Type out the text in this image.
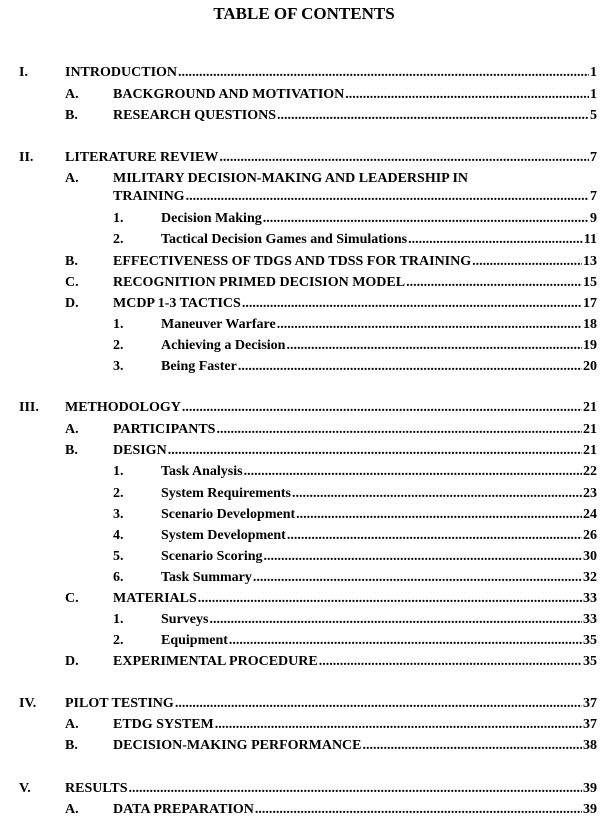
TABLE OF CONTENTS
I.	INTRODUCTION .....	1
A. BACKGROUND AND MOTIVATION .....	1
B.	RESEARCH QUESTIONS .....	5
II. LITERATURE REVIEW .....	7
A. MILITARY DECISION-MAKING AND LEADERSHIP IN
TRAINING .....	7
1.	Decision Making .....	9
2.	Tactical Decision Games and Simulations .....	11
B.	EFFECTIVENESS OF TDGS AND TDSS FOR TRAINING .....	13
C. RECOGNITION PRIMED DECISION MODEL .....	15
D. MCDP 1-3 TACTICS .....	17
1.	Maneuver Warfare .....	18
2.	Achieving a Decision .....	19
3.	Being Faster .....	20
III. METHODOLOGY .....	21
A. PARTICIPANTS .....	21
B.	DESIGN .....	21
1.	Task Analysis .....	22
2.	System Requirements .....	23
3.	Scenario Development .....	24
4.	System Development .....	26
5.	Scenario Scoring .....	30
6.	Task Summary .....	32
C. MATERIALS .....	33
1.	Surveys .....	33
2.	Equipment .....	35
D. EXPERIMENTAL PROCEDURE .....	35
IV. PILOT TESTING .....	37
A. ETDG SYSTEM .....	37
B.	DECISION-MAKING PERFORMANCE .....	38
V. RESULTS .....	39
A. DATA PREPARATION .....	39
